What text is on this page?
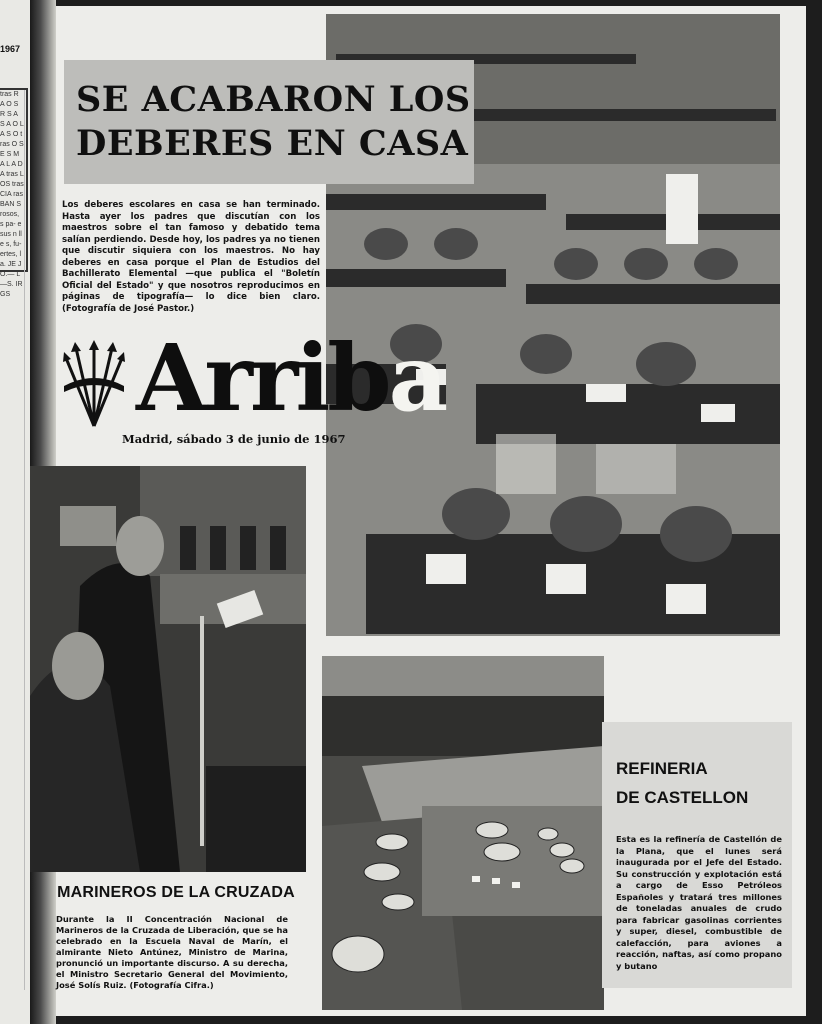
1967
tras R A O S R S A S A O L A S O tras O S E S M A L A D A tras LOS tras CIA ras BAN S rosos, s pa- e sus n lle s, fu- ertes, la. JE JO.— L—S. IRGS
SE ACABARON LOS
DEBERES EN CASA
Los deberes escolares en casa se han terminado. Hasta ayer los padres que discutían con los maestros sobre el tan famoso y debatido tema salían perdiendo. Desde hoy, los padres ya no tienen que discutir siquiera con los maestros. No hay deberes en casa porque el Plan de Estudios del Bachillerato Elemental —que publica el "Boletín Oficial del Estado" y que nosotros reproducimos en páginas de tipografía— lo dice bien claro. (Fotografía de José Pastor.)
Arriba
Madrid, sábado 3 de junio de 1967
MARINEROS DE LA CRUZADA
Durante la II Concentración Nacional de Marineros de la Cruzada de Liberación, que se ha celebrado en la Escuela Naval de Marín, el almirante Nieto Antúnez, Ministro de Marina, pronunció un importante discurso. A su derecha, el Ministro Secretario General del Movimiento, José Solís Ruiz. (Fotografía Cifra.)
REFINERIA
DE CASTELLON
Esta es la refinería de Castellón de la Plana, que el lunes será inaugurada por el Jefe del Estado. Su construcción y explotación está a cargo de Esso Petróleos Españoles y tratará tres millones de toneladas anuales de crudo para fabricar gasolinas corrientes y super, diesel, combustible de calefacción, para aviones a reacción, naftas, así como propano y butano
